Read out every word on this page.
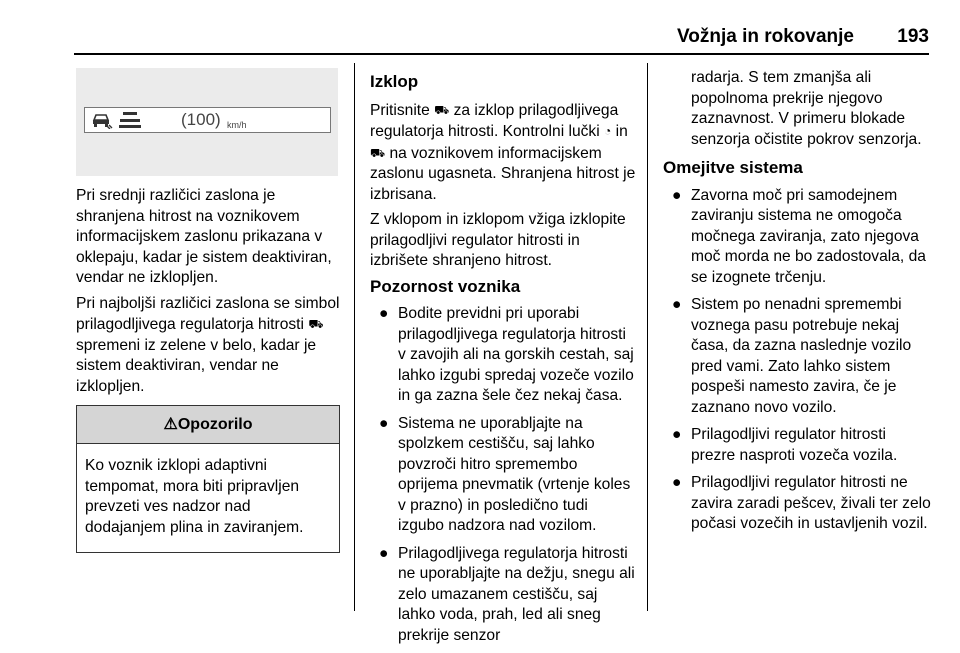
Vožnja in rokovanje 193
(100) km/h

Pri srednji različici zaslona je shranjena hitrost na voznikovem informacijskem zaslonu prikazana v oklepaju, kadar je sistem deaktiviran, vendar ne izklopljen.

Pri najboljši različici zaslona se simbol prilagodljivega regulatorja hitrosti ⛟ spremeni iz zelene v belo, kadar je sistem deaktiviran, vendar ne izklopljen.

⚠Opozorilo
Ko voznik izklopi adaptivni tempomat, mora biti pripravljen prevzeti ves nadzor nad dodajanjem plina in zaviranjem.
Izklop

Pritisnite ⛟ za izklop prilagodljivega regulatorja hitrosti. Kontrolni lučki ◔ in ⛟ na voznikovem informacijskem zaslonu ugasneta. Shranjena hitrost je izbrisana.

Z vklopom in izklopom vžiga izklopite prilagodljivi regulator hitrosti in izbrišete shranjeno hitrost.

Pozornost voznika
● Bodite previdni pri uporabi prilagodljivega regulatorja hitrosti v zavojih ali na gorskih cestah, saj lahko izgubi spredaj vozeče vozilo in ga zazna šele čez nekaj časa.
● Sistema ne uporabljajte na spolzkem cestišču, saj lahko povzroči hitro spremembo oprijema pnevmatik (vrtenje koles v prazno) in posledično tudi izgubo nadzora nad vozilom.
● Prilagodljivega regulatorja hitrosti ne uporabljajte na dežju, snegu ali zelo umazanem cestišču, saj lahko voda, prah, led ali sneg prekrije senzor
radarja. S tem zmanjša ali popolnoma prekrije njegovo zaznavnost. V primeru blokade senzorja očistite pokrov senzorja.
Omejitve sistema
● Zavorna moč pri samodejnem zaviranju sistema ne omogoča močnega zaviranja, zato njegova moč morda ne bo zadostovala, da se izognete trčenju.
● Sistem po nenadni spremembi voznega pasu potrebuje nekaj časa, da zazna naslednje vozilo pred vami. Zato lahko sistem pospeši namesto zavira, če je zaznano novo vozilo.
● Prilagodljivi regulator hitrosti prezre nasproti vozeča vozila.
● Prilagodljivi regulator hitrosti ne zavira zaradi pešcev, živali ter zelo počasi vozečih in ustavljenih vozil.
